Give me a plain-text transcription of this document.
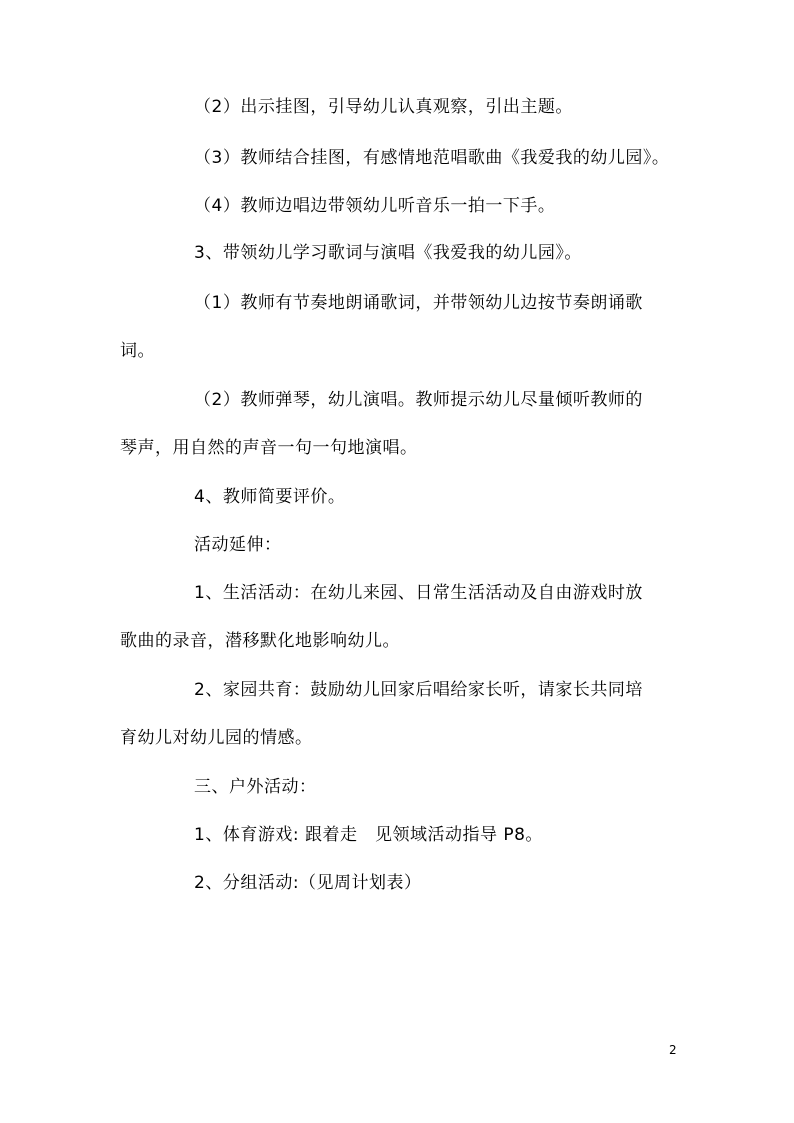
（2）出示挂图，引导幼儿认真观察，引出主题。
（3）教师结合挂图，有感情地范唱歌曲《我爱我的幼儿园》。
（4）教师边唱边带领幼儿听音乐一拍一下手。
3、带领幼儿学习歌词与演唱《我爱我的幼儿园》。
（1）教师有节奏地朗诵歌词，并带领幼儿边按节奏朗诵歌
词。
（2）教师弹琴，幼儿演唱。教师提示幼儿尽量倾听教师的
琴声，用自然的声音一句一句地演唱。
4、教师简要评价。
活动延伸：
1、生活活动：在幼儿来园、日常生活活动及自由游戏时放
歌曲的录音，潜移默化地影响幼儿。
2、家园共育：鼓励幼儿回家后唱给家长听，请家长共同培
育幼儿对幼儿园的情感。
三、户外活动：
1、体育游戏: 跟着走　见领域活动指导 P8。
2、分组活动:（见周计划表）
2
